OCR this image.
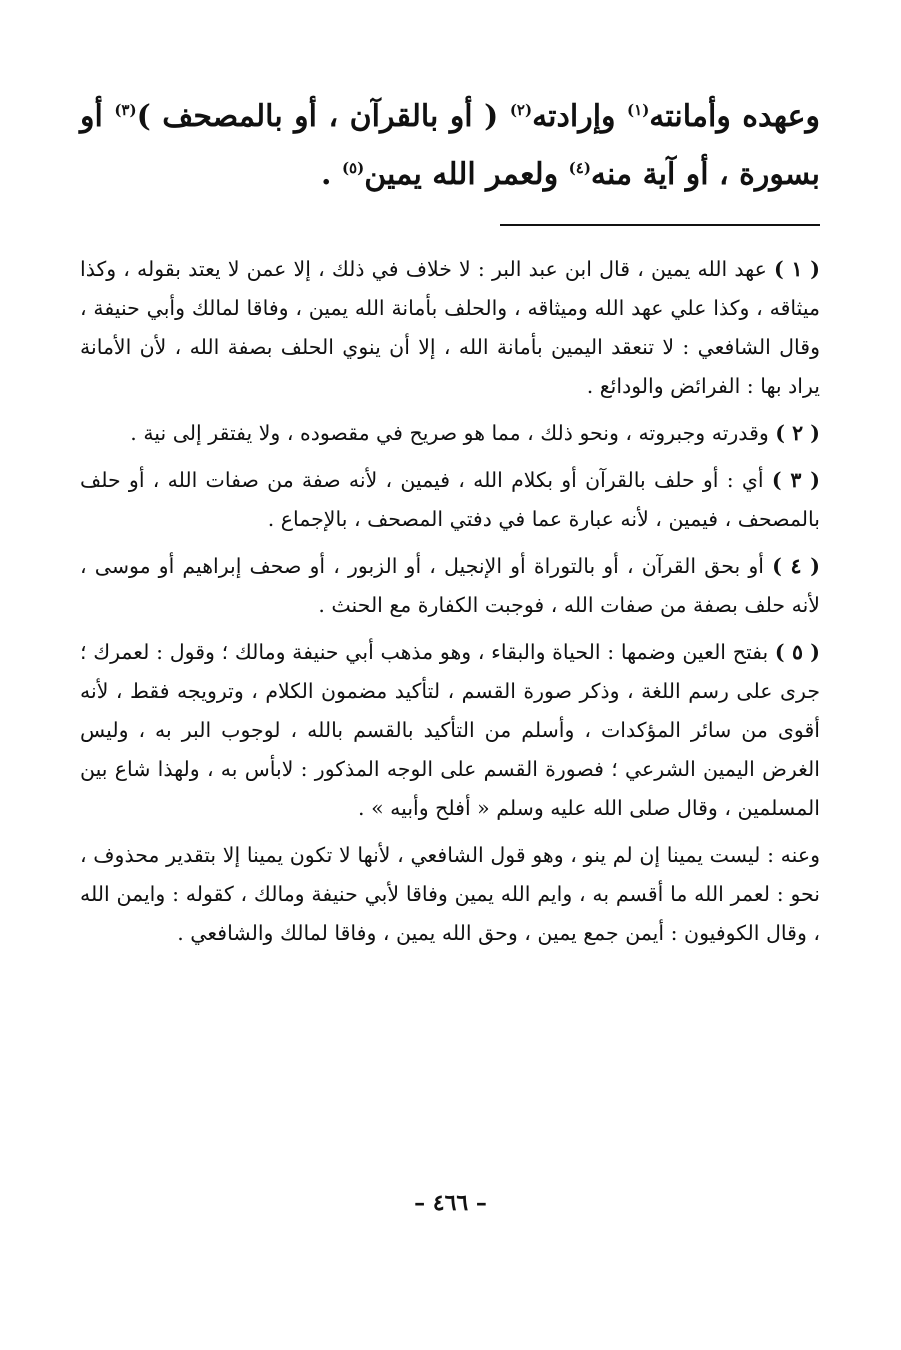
وعهده وأمانته$^{(١)}$ وإرادته$^{(٢)}$ ( أو بالقرآن ، أو بالمصحف )$^{(٣)}$ أو بسورة ، أو آية منه$^{(٤)}$ ولعمر الله يمين$^{(٥)}$ .

( ١ ) عهد الله يمين ، قال ابن عبد البر : لا خلاف في ذلك ، إلا عمن لا يعتد بقوله ، وكذا ميثاقه ، وكذا علي عهد الله وميثاقه ، والحلف بأمانة الله يمين ، وفاقا لمالك وأبي حنيفة ، وقال الشافعي : لا تنعقد اليمين بأمانة الله ، إلا أن ينوي الحلف بصفة الله ، لأن الأمانة يراد بها : الفرائض والودائع .

( ٢ ) وقدرته وجبروته ، ونحو ذلك ، مما هو صريح في مقصوده ، ولا يفتقر إلى نية .

( ٣ ) أي : أو حلف بالقرآن أو بكلام الله ، فيمين ، لأنه صفة من صفات الله ، أو حلف بالمصحف ، فيمين ، لأنه عبارة عما في دفتي المصحف ، بالإجماع .

( ٤ ) أو بحق القرآن ، أو بالتوراة أو الإنجيل ، أو الزبور ، أو صحف إبراهيم أو موسى ، لأنه حلف بصفة من صفات الله ، فوجبت الكفارة مع الحنث .

( ٥ ) بفتح العين وضمها : الحياة والبقاء ، وهو مذهب أبي حنيفة ومالك ؛ وقول : لعمرك ؛ جرى على رسم اللغة ، وذكر صورة القسم ، لتأكيد مضمون الكلام ، وترويجه فقط ، لأنه أقوى من سائر المؤكدات ، وأسلم من التأكيد بالقسم بالله ، لوجوب البر به ، وليس الغرض اليمين الشرعي ؛ فصورة القسم على الوجه المذكور : لابأس به ، ولهذا شاع بين المسلمين ، وقال صلى الله عليه وسلم « أفلح وأبيه » .

وعنه : ليست يمينا إن لم ينو ، وهو قول الشافعي ، لأنها لا تكون يمينا إلا بتقدير محذوف ، نحو : لعمر الله ما أقسم به ، وايم الله يمين وفاقا لأبي حنيفة ومالك ، كقوله : وايمن الله ، وقال الكوفيون : أيمن جمع يمين ، وحق الله يمين ، وفاقا لمالك والشافعي .

– ٤٦٦ –
